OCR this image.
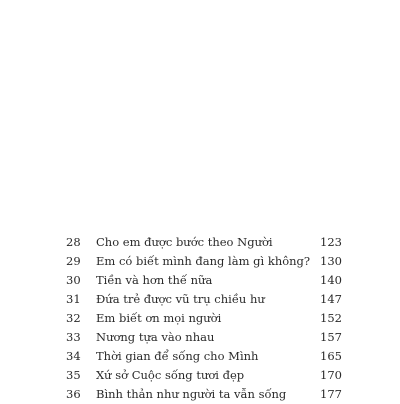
28 Cho em được bước theo Người	123
29 Em có biết mình đang làm gì không? 130
30 Tiền và hơn thế nữa	140
31 Đứa trẻ được vũ trụ chiều hư	147
32 Em biết ơn mọi người	152
33 Nương tựa vào nhau	157
34 Thời gian để sống cho Mình	165
35 Xứ sở Cuộc sống tươi đẹp	170
36 Bình thản như người ta vẫn sống	177
